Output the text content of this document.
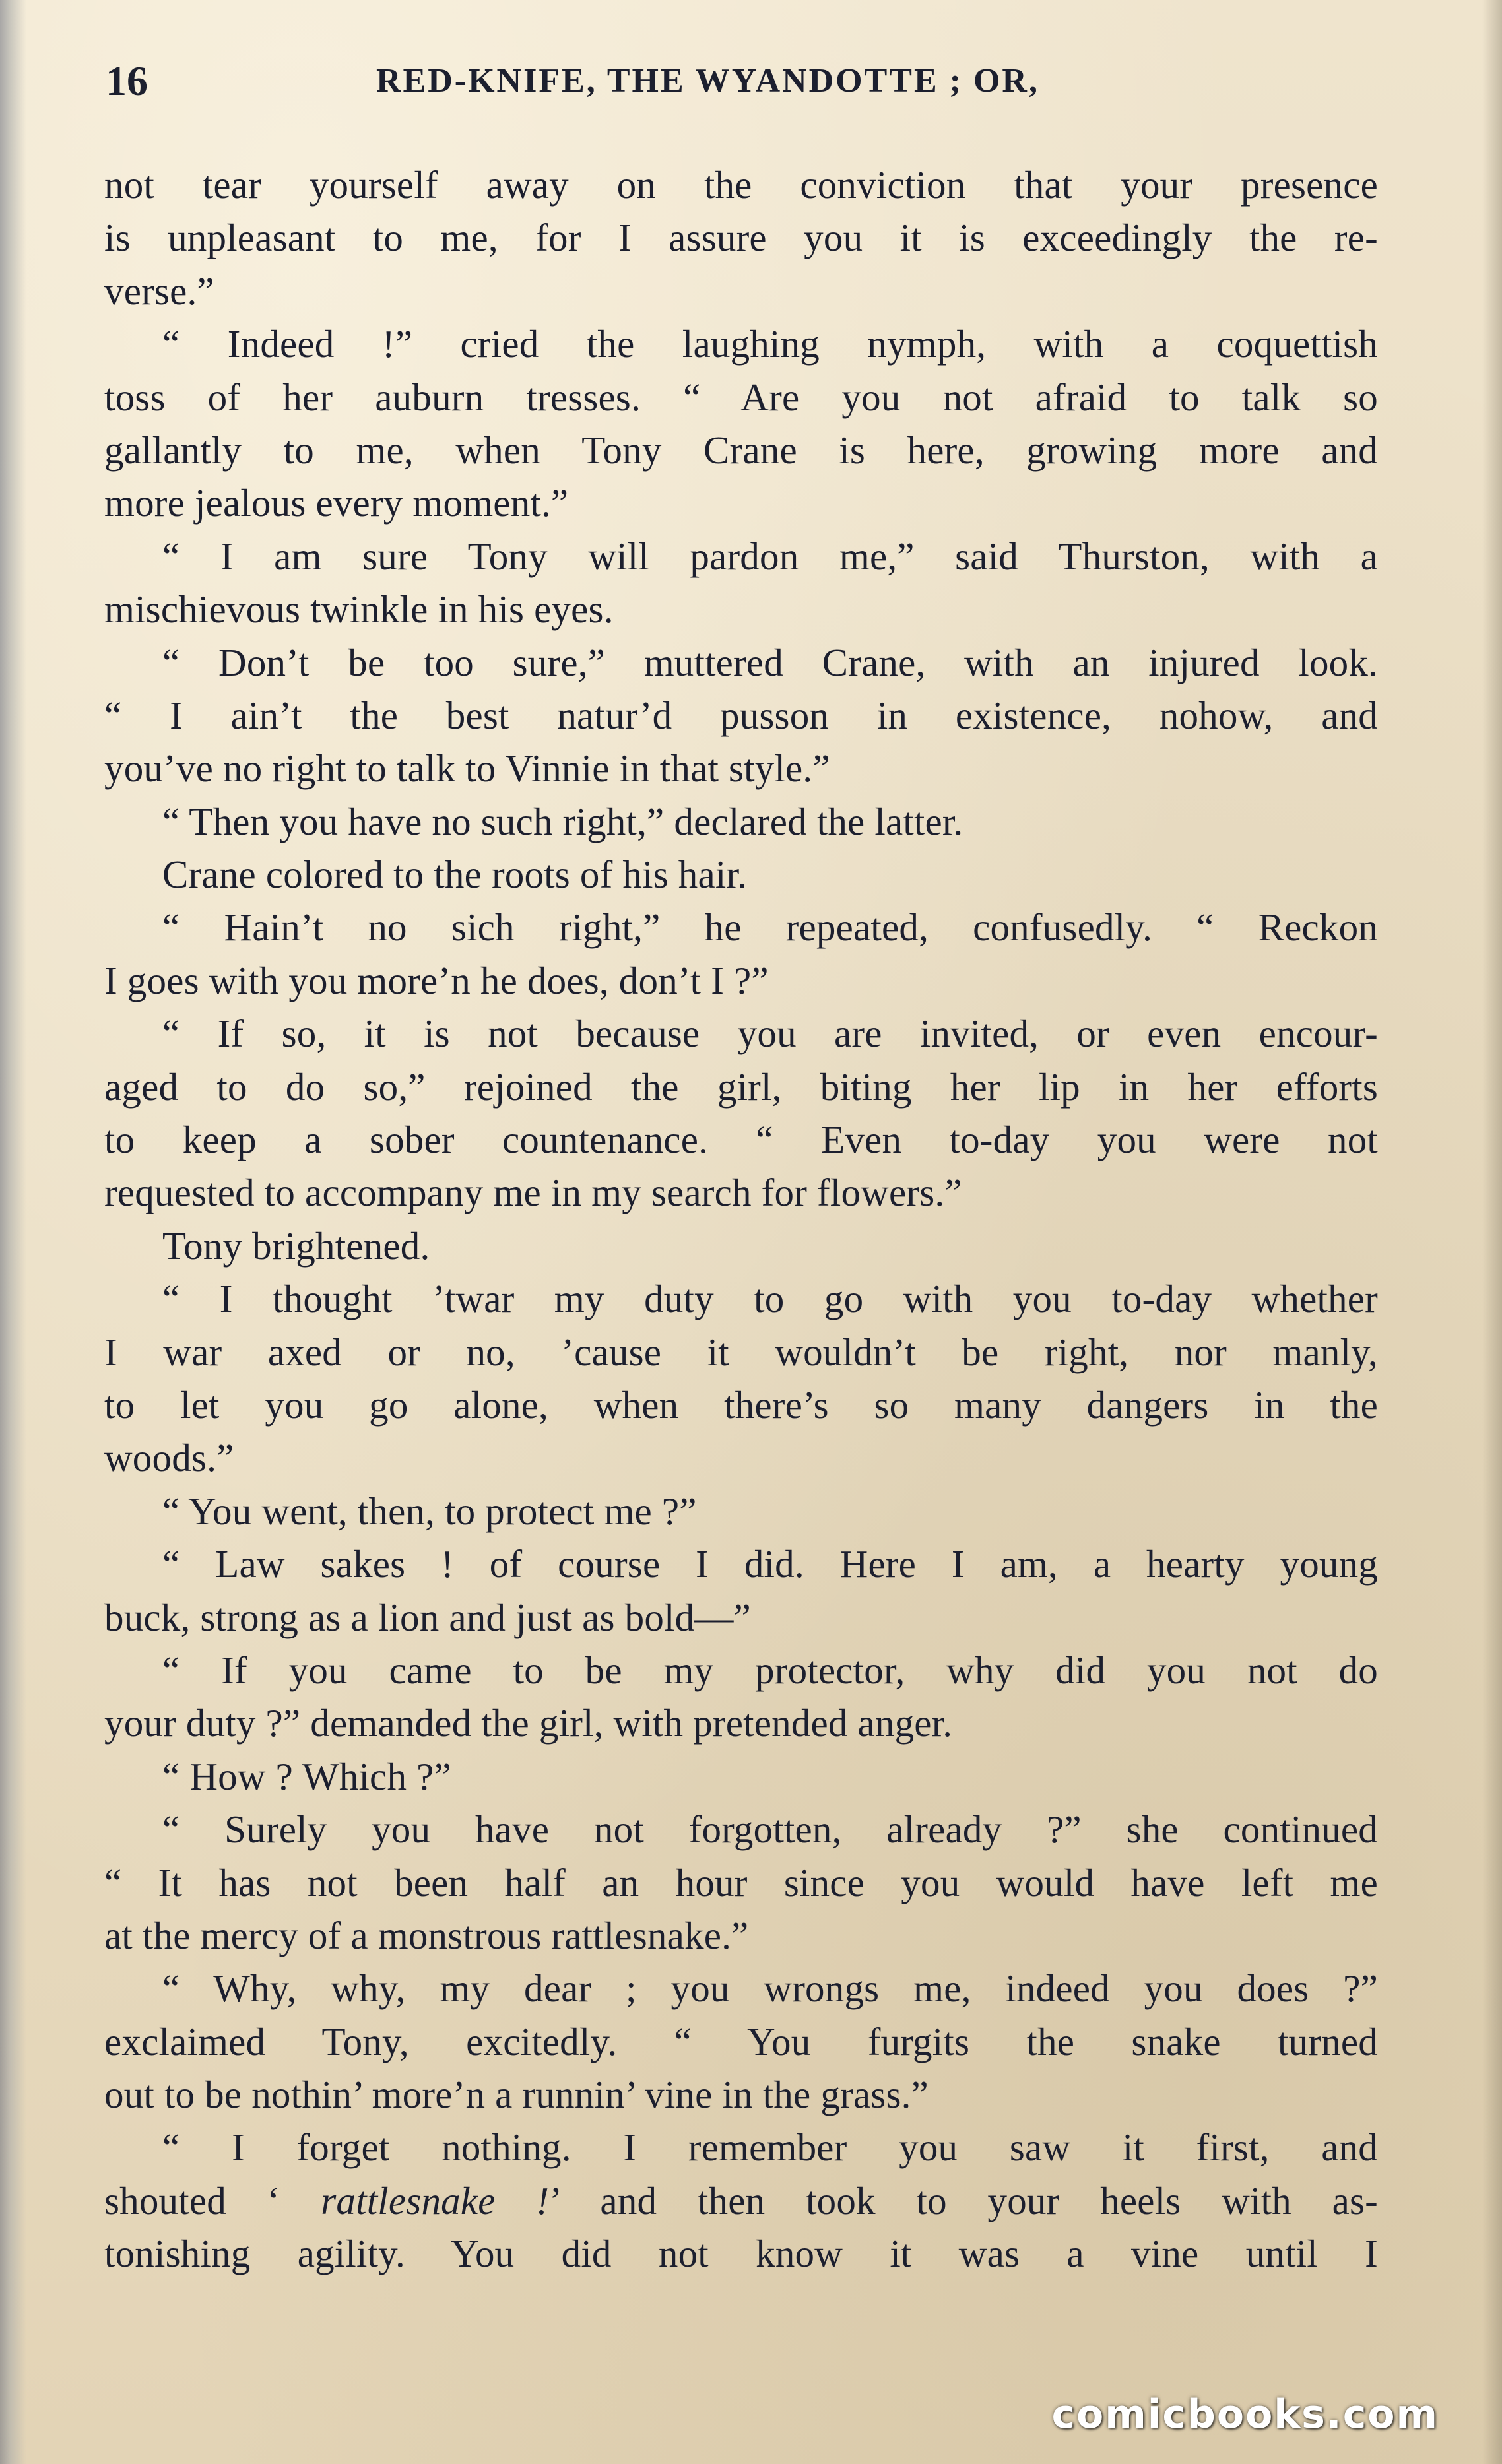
16	RED-KNIFE, THE WYANDOTTE ; OR,
not tear yourself away on the conviction that your presence
is unpleasant to me, for I assure you it is exceedingly the re-
verse.”
“ Indeed !” cried the laughing nymph, with a coquettish
toss of her auburn tresses. “ Are you not afraid to talk so
gallantly to me, when Tony Crane is here, growing more and
more jealous every moment.”
“ I am sure Tony will pardon me,” said Thurston, with a
mischievous twinkle in his eyes.
“ Don’t be too sure,” muttered Crane, with an injured look.
“ I ain’t the best natur’d pusson in existence, nohow, and
you’ve no right to talk to Vinnie in that style.”
“ Then you have no such right,” declared the latter.
Crane colored to the roots of his hair.
“ Hain’t no sich right,” he repeated, confusedly. “ Reckon
I goes with you more’n he does, don’t I ?”
“ If so, it is not because you are invited, or even encour-
aged to do so,” rejoined the girl, biting her lip in her efforts
to keep a sober countenance. “ Even to-day you were not
requested to accompany me in my search for flowers.”
Tony brightened.
“ I thought ’twar my duty to go with you to-day whether
I war axed or no, ’cause it wouldn’t be right, nor manly,
to let you go alone, when there’s so many dangers in the
woods.”
“ You went, then, to protect me ?”
“ Law sakes ! of course I did. Here I am, a hearty young
buck, strong as a lion and just as bold—”
“ If you came to be my protector, why did you not do
your duty ?” demanded the girl, with pretended anger.
“ How ? Which ?”
“ Surely you have not forgotten, already ?” she continued
“ It has not been half an hour since you would have left me
at the mercy of a monstrous rattlesnake.”
“ Why, why, my dear ; you wrongs me, indeed you does ?”
exclaimed Tony, excitedly. “ You furgits the snake turned
out to be nothin’ more’n a runnin’ vine in the grass.”
“ I forget nothing. I remember you saw it first, and
shouted ‘ rattlesnake !’ and then took to your heels with as-
tonishing agility. You did not know it was a vine until I
comicbooks.com
